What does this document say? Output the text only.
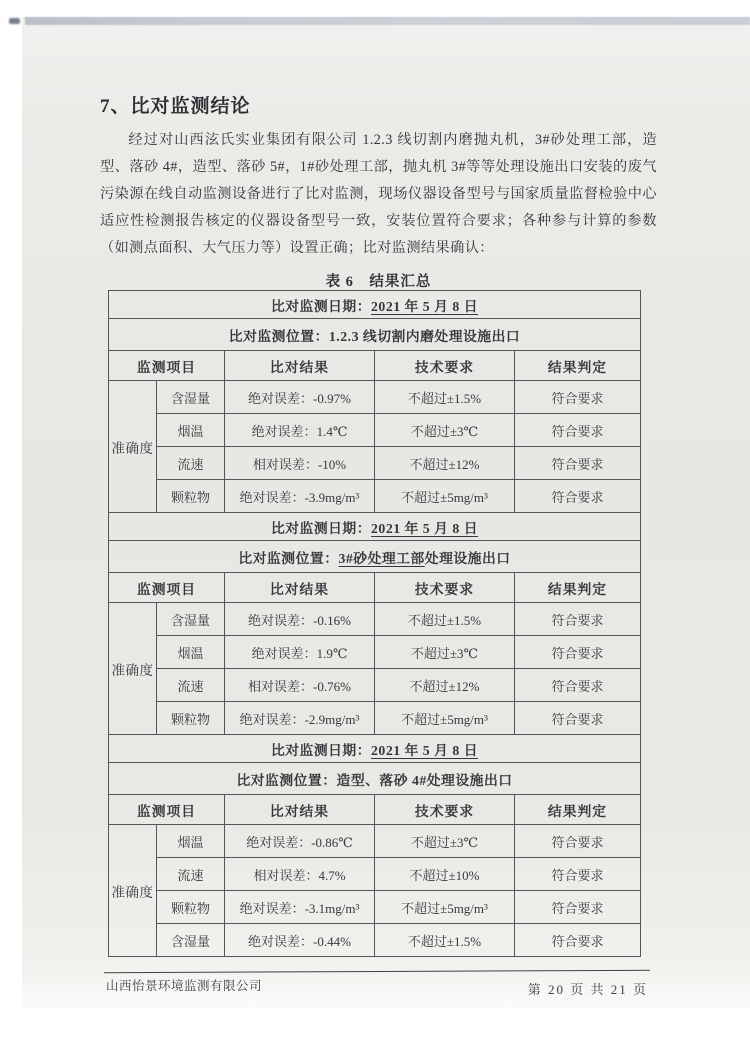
7、比对监测结论

经过对山西泫氏实业集团有限公司 1.2.3 线切割内磨抛丸机，3#砂处理工部，造型、落砂 4#，造型、落砂 5#，1#砂处理工部，抛丸机 3#等等处理设施出口安装的废气污染源在线自动监测设备进行了比对监测，现场仪器设备型号与国家质量监督检验中心适应性检测报告核定的仪器设备型号一致，安装位置符合要求；各种参与计算的参数（如测点面积、大气压力等）设置正确；比对监测结果确认：

表 6　结果汇总
比对监测日期：2021 年 5 月 8 日				
比对监测位置：1.2.3 线切割内磨处理设施出口				
监测项目		比对结果	技术要求	结果判定
准确度	含湿量	绝对误差：-0.97%	不超过±1.5%	符合要求
	烟温	绝对误差：1.4℃	不超过±3℃	符合要求
	流速	相对误差：-10%	不超过±12%	符合要求
	颗粒物	绝对误差：-3.9mg/m³	不超过±5mg/m³	符合要求
比对监测日期：2021 年 5 月 8 日				
比对监测位置：3#砂处理工部处理设施出口				
监测项目		比对结果	技术要求	结果判定
准确度	含湿量	绝对误差：-0.16%	不超过±1.5%	符合要求
	烟温	绝对误差：1.9℃	不超过±3℃	符合要求
	流速	相对误差：-0.76%	不超过±12%	符合要求
	颗粒物	绝对误差：-2.9mg/m³	不超过±5mg/m³	符合要求
比对监测日期：2021 年 5 月 8 日				
比对监测位置：造型、落砂 4#处理设施出口				
监测项目		比对结果	技术要求	结果判定
准确度	烟温	绝对误差：-0.86℃	不超过±3℃	符合要求
	流速	相对误差：4.7%	不超过±10%	符合要求
	颗粒物	绝对误差：-3.1mg/m³	不超过±5mg/m³	符合要求
	含湿量	绝对误差：-0.44%	不超过±1.5%	符合要求
山西怡景环境监测有限公司	第 20 页 共 21 页
